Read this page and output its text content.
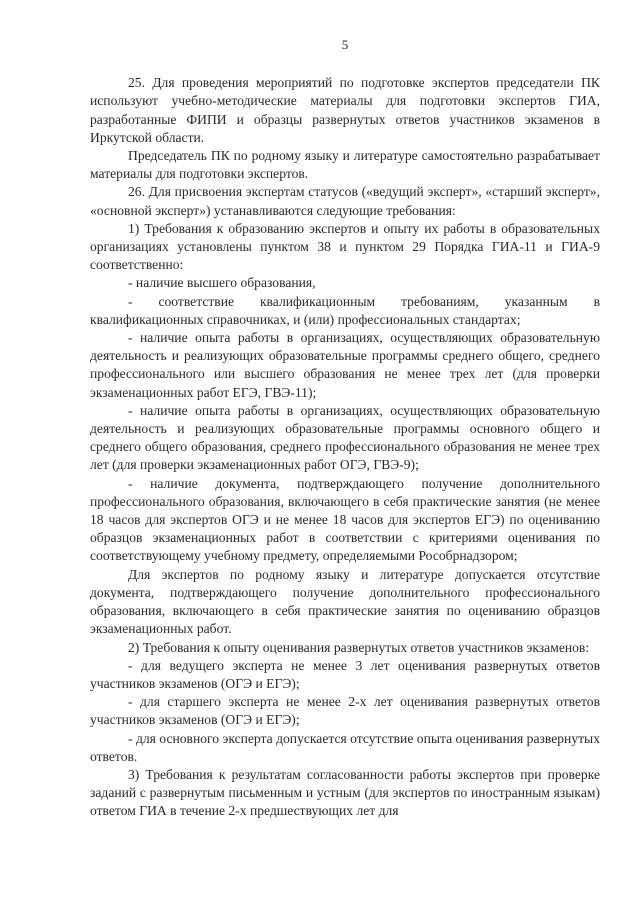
5

25. Для проведения мероприятий по подготовке экспертов председатели ПК используют учебно-методические материалы для подготовки экспертов ГИА, разработанные ФИПИ и образцы развернутых ответов участников экзаменов в Иркутской области.

Председатель ПК по родному языку и литературе самостоятельно разрабатывает материалы для подготовки экспертов.

26. Для присвоения экспертам статусов («ведущий эксперт», «старший эксперт», «основной эксперт») устанавливаются следующие требования:

1) Требования к образованию экспертов и опыту их работы в образовательных организациях установлены пунктом 38 и пунктом 29 Порядка ГИА-11 и ГИА-9 соответственно:

- наличие высшего образования,

- соответствие квалификационным требованиям, указанным в квалификационных справочниках, и (или) профессиональных стандартах;

- наличие опыта работы в организациях, осуществляющих образовательную деятельность и реализующих образовательные программы среднего общего, среднего профессионального или высшего образования не менее трех лет (для проверки экзаменационных работ ЕГЭ, ГВЭ-11);

- наличие опыта работы в организациях, осуществляющих образовательную деятельность и реализующих образовательные программы основного общего и среднего общего образования, среднего профессионального образования не менее трех лет (для проверки экзаменационных работ ОГЭ, ГВЭ-9);

- наличие документа, подтверждающего получение дополнительного профессионального образования, включающего в себя практические занятия (не менее 18 часов для экспертов ОГЭ и не менее 18 часов для экспертов ЕГЭ) по оцениванию образцов экзаменационных работ в соответствии с критериями оценивания по соответствующему учебному предмету, определяемыми Рособрнадзором;

Для экспертов по родному языку и литературе допускается отсутствие документа, подтверждающего получение дополнительного профессионального образования, включающего в себя практические занятия по оцениванию образцов экзаменационных работ.

2) Требования к опыту оценивания развернутых ответов участников экзаменов:

- для ведущего эксперта не менее 3 лет оценивания развернутых ответов участников экзаменов (ОГЭ и ЕГЭ);

- для старшего эксперта не менее 2-х лет оценивания развернутых ответов участников экзаменов (ОГЭ и ЕГЭ);

- для основного эксперта допускается отсутствие опыта оценивания развернутых ответов.

3) Требования к результатам согласованности работы экспертов при проверке заданий с развернутым письменным и устным (для экспертов по иностранным языкам) ответом ГИА в течение 2-х предшествующих лет для
